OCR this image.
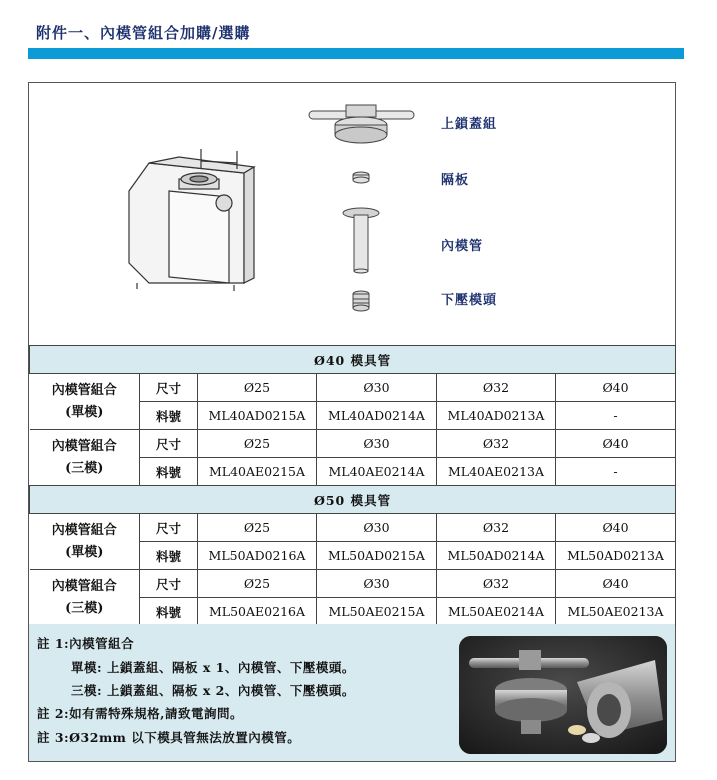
附件一、內模管組合加購/選購
上鎖蓋組
隔板
內模管
下壓模頭
Ø40 模具管					

內模管組合
(單模)	尺寸	Ø25	Ø30	Ø32	Ø40
	料號	ML40AD0215A	ML40AD0214A	ML40AD0213A	-

內模管組合
(三模)	尺寸	Ø25	Ø30	Ø32	Ø40
	料號	ML40AE0215A	ML40AE0214A	ML40AE0213A	-
Ø50 模具管					

內模管組合
(單模)	尺寸	Ø25	Ø30	Ø32	Ø40
	料號	ML50AD0216A	ML50AD0215A	ML50AD0214A	ML50AD0213A

內模管組合
(三模)	尺寸	Ø25	Ø30	Ø32	Ø40
	料號	ML50AE0216A	ML50AE0215A	ML50AE0214A	ML50AE0213A
註 1:內模管組合
單模: 上鎖蓋組、隔板 x 1、內模管、下壓模頭。
三模: 上鎖蓋組、隔板 x 2、內模管、下壓模頭。
註 2:如有需特殊規格,請致電詢問。
註 3:Ø32mm 以下模具管無法放置內模管。
